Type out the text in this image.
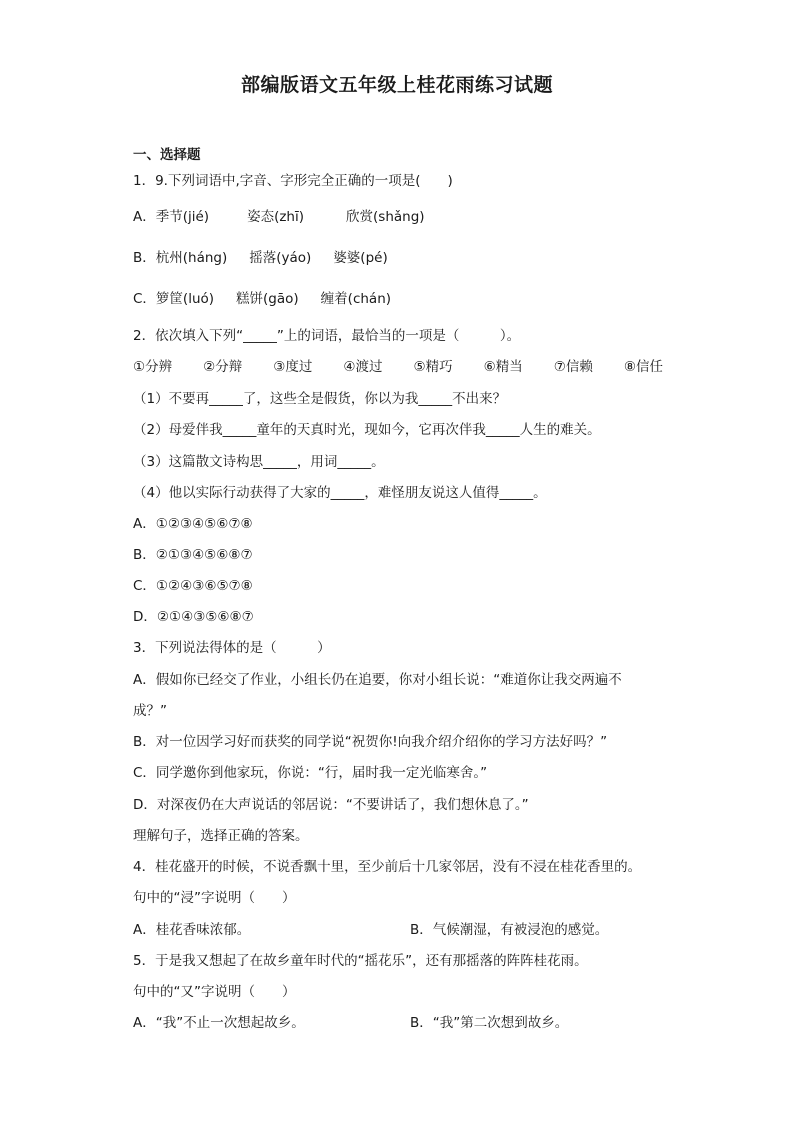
部编版语文五年级上桂花雨练习试题
一、选择题
1．9.下列词语中,字音、字形完全正确的一项是(　　)
A．季节(jié)	姿态(zhī)	欣赏(shǎng)
B．杭州(háng) 摇落(yáo) 婆婆(pé)
C．箩筐(luó) 糕饼(gāo) 缠着(chán)
2．依次填入下列“_____”上的词语，最恰当的一项是（　　　）。
①分辨 ②分辩 ③度过 ④渡过 ⑤精巧 ⑥精当 ⑦信赖 ⑧信任
（1）不要再_____了，这些全是假货，你以为我_____不出来？
（2）母爱伴我_____童年的天真时光，现如今，它再次伴我_____人生的难关。
（3）这篇散文诗构思_____，用词_____。
（4）他以实际行动获得了大家的_____，难怪朋友说这人值得_____。
A．①②③④⑤⑥⑦⑧
B．②①③④⑤⑥⑧⑦
C．①②④③⑥⑤⑦⑧
D．②①④③⑤⑥⑧⑦
3．下列说法得体的是（　　　）
A．假如你已经交了作业，小组长仍在追要，你对小组长说：“难道你让我交两遍不
成？”
B．对一位因学习好而获奖的同学说“祝贺你!向我介绍介绍你的学习方法好吗？”
C．同学邀你到他家玩，你说：“行，届时我一定光临寒舍。”
D．对深夜仍在大声说话的邻居说：“不要讲话了，我们想休息了。”
理解句子，选择正确的答案。
4．桂花盛开的时候，不说香飘十里，至少前后十几家邻居，没有不浸在桂花香里的。
句中的“浸”字说明（　　）
A．桂花香味浓郁。	B．气候潮湿，有被浸泡的感觉。
5．于是我又想起了在故乡童年时代的“摇花乐”，还有那摇落的阵阵桂花雨。
句中的“又”字说明（　　）
A．“我”不止一次想起故乡。	B．“我”第二次想到故乡。
